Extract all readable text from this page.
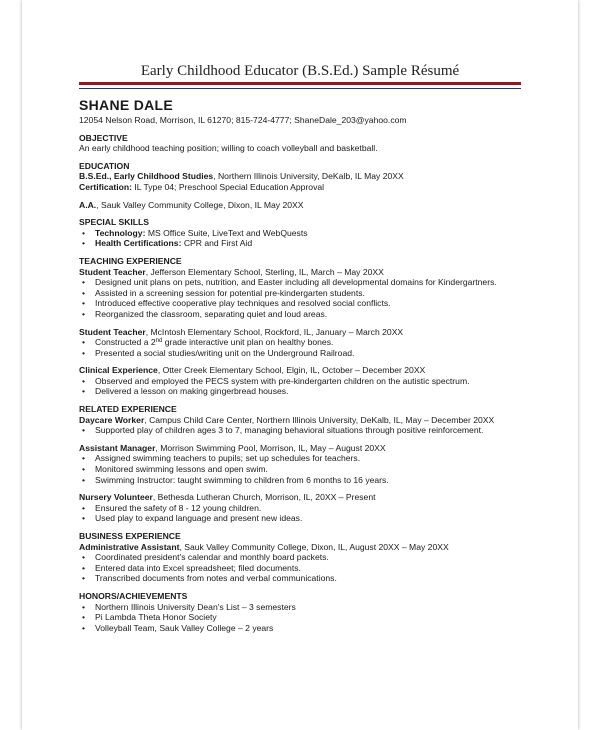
Early Childhood Educator (B.S.Ed.) Sample Résumé
SHANE DALE
12054 Nelson Road, Morrison, IL 61270; 815-724-4777; ShaneDale_203@yahoo.com
OBJECTIVE
An early childhood teaching position; willing to coach volleyball and basketball.
EDUCATION
B.S.Ed., Early Childhood Studies, Northern Illinois University, DeKalb, IL May 20XX
Certification: IL Type 04; Preschool Special Education Approval
A.A., Sauk Valley Community College, Dixon, IL May 20XX
SPECIAL SKILLS
• Technology: MS Office Suite, LiveText and WebQuests
• Health Certifications: CPR and First Aid
TEACHING EXPERIENCE
Student Teacher, Jefferson Elementary School, Sterling, IL, March – May 20XX
• Designed unit plans on pets, nutrition, and Easter including all developmental domains for Kindergartners.
• Assisted in a screening session for potential pre-kindergarten students.
• Introduced effective cooperative play techniques and resolved social conflicts.
• Reorganized the classroom, separating quiet and loud areas.
Student Teacher, McIntosh Elementary School, Rockford, IL, January – March 20XX
• Constructed a 2nd grade interactive unit plan on healthy bones.
• Presented a social studies/writing unit on the Underground Railroad.
Clinical Experience, Otter Creek Elementary School, Elgin, IL, October – December 20XX
• Observed and employed the PECS system with pre-kindergarten children on the autistic spectrum.
• Delivered a lesson on making gingerbread houses.
RELATED EXPERIENCE
Daycare Worker, Campus Child Care Center, Northern Illinois University, DeKalb, IL, May – December 20XX
• Supported play of children ages 3 to 7, managing behavioral situations through positive reinforcement.
Assistant Manager, Morrison Swimming Pool, Morrison, IL, May – August 20XX
• Assigned swimming teachers to pupils; set up schedules for teachers.
• Monitored swimming lessons and open swim.
• Swimming Instructor: taught swimming to children from 6 months to 16 years.
Nursery Volunteer, Bethesda Lutheran Church, Morrison, IL, 20XX – Present
• Ensured the safety of 8 - 12 young children.
• Used play to expand language and present new ideas.
BUSINESS EXPERIENCE
Administrative Assistant, Sauk Valley Community College, Dixon, IL, August 20XX – May 20XX
• Coordinated president's calendar and monthly board packets.
• Entered data into Excel spreadsheet; filed documents.
• Transcribed documents from notes and verbal communications.
HONORS/ACHIEVEMENTS
• Northern Illinois University Dean's List – 3 semesters
• Pi Lambda Theta Honor Society
• Volleyball Team, Sauk Valley College – 2 years
